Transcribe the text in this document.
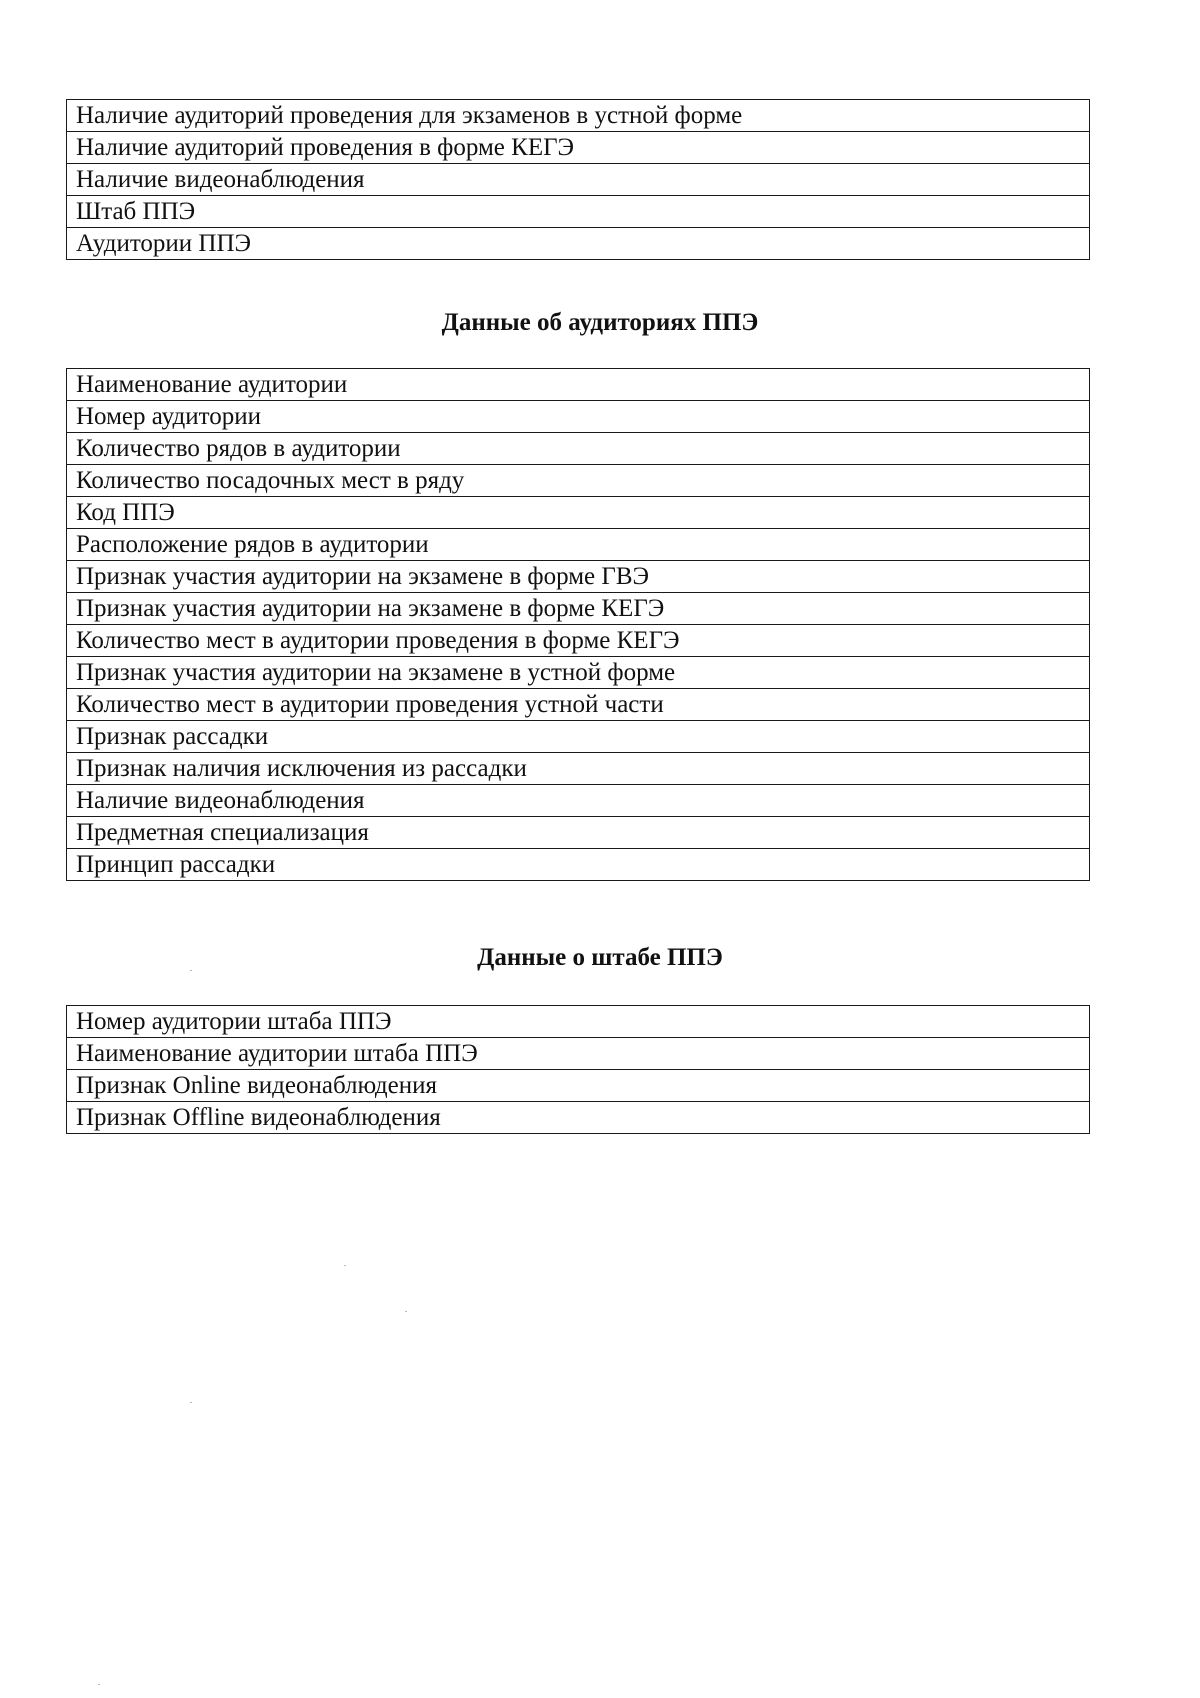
Наличие аудиторий проведения для экзаменов в устной форме
Наличие аудиторий проведения в форме КЕГЭ
Наличие видеонаблюдения
Штаб ППЭ
Аудитории ППЭ
Данные об аудиториях ППЭ
Наименование аудитории
Номер аудитории
Количество рядов в аудитории
Количество посадочных мест в ряду
Код ППЭ
Расположение рядов в аудитории
Признак участия аудитории на экзамене в форме ГВЭ
Признак участия аудитории на экзамене в форме КЕГЭ
Количество мест в аудитории проведения в форме КЕГЭ
Признак участия аудитории на экзамене в устной форме
Количество мест в аудитории проведения устной части
Признак рассадки
Признак наличия исключения из рассадки
Наличие видеонаблюдения
Предметная специализация
Принцип рассадки
Данные о штабе ППЭ
Номер аудитории штаба ППЭ
Наименование аудитории штаба ППЭ
Признак Online видеонаблюдения
Признак Offline видеонаблюдения
